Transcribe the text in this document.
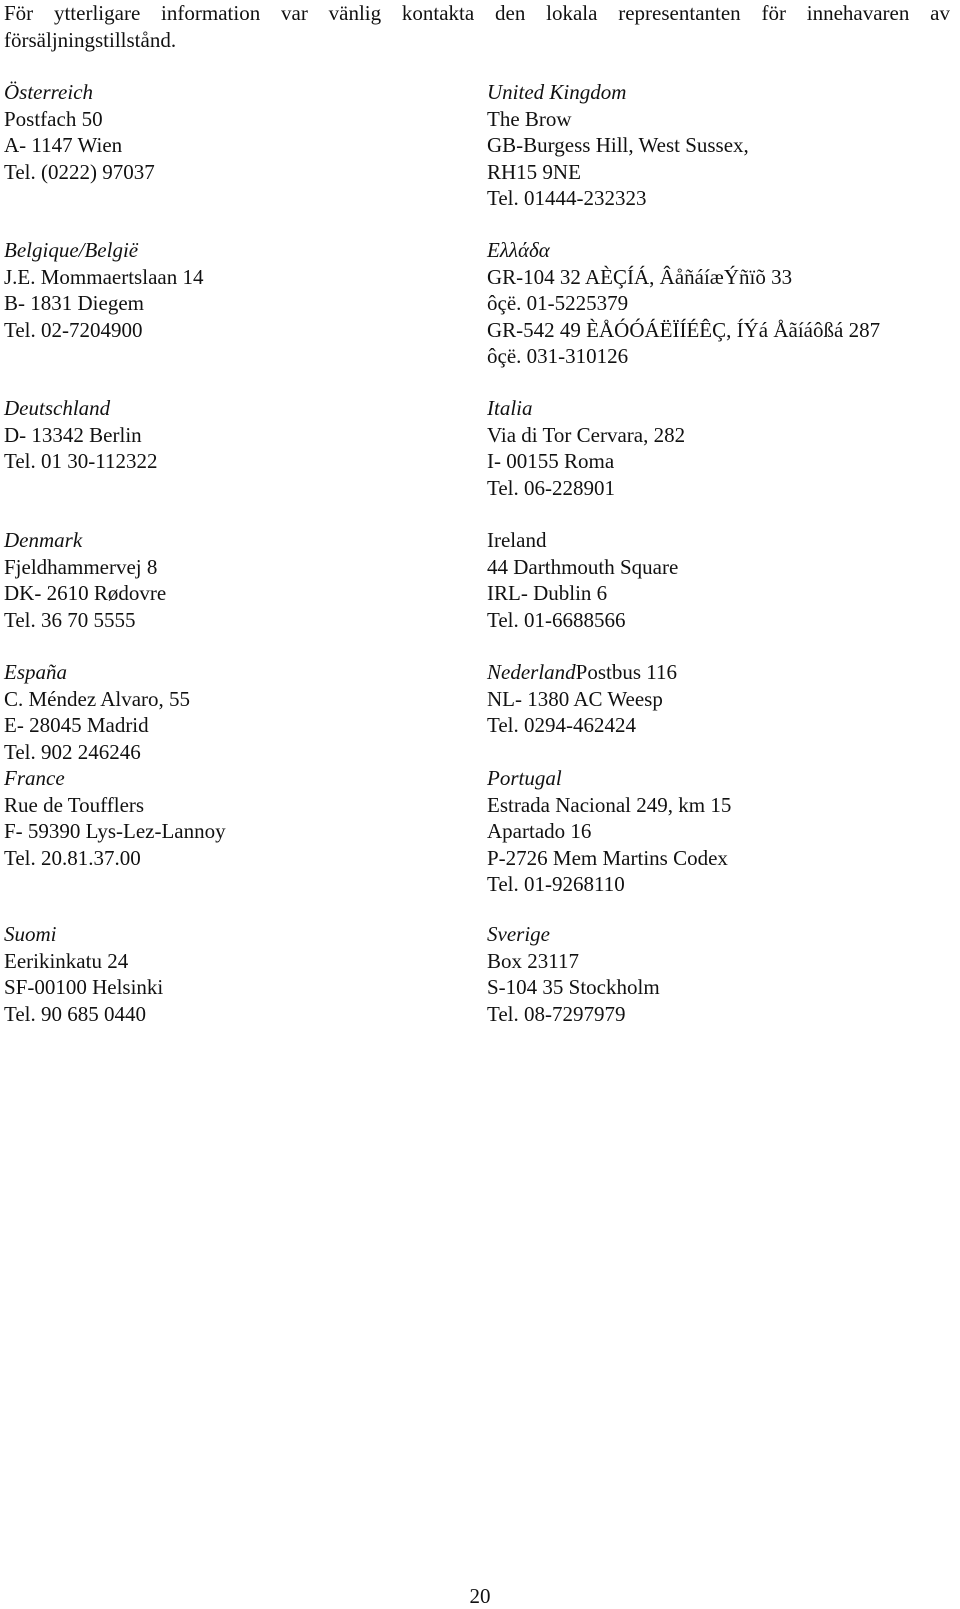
För ytterligare information var vänlig kontakta den lokala representanten för innehavaren av försäljningstillstånd.

Österreich
Postfach 50
A- 1147 Wien
Tel. (0222) 97037
Belgique/België
J.E. Mommaertslaan 14
B- 1831 Diegem
Tel. 02-7204900
Deutschland
D- 13342 Berlin
Tel. 01 30-112322
Denmark
Fjeldhammervej 8
DK- 2610 Rødovre
Tel. 36 70 5555
España
C. Méndez Alvaro, 55
E- 28045 Madrid
Tel. 902 246246
France
Rue de Toufflers
F- 59390 Lys-Lez-Lannoy
Tel. 20.81.37.00
Suomi
Eerikinkatu 24
SF-00100 Helsinki
Tel. 90 685 0440
United Kingdom
The Brow
GB-Burgess Hill, West Sussex,
RH15 9NE
Tel. 01444-232323
Ελλάδα
GR-104 32 AÈÇÍÁ, ÂåñáíæÝñïõ 33
ôçë. 01-5225379
GR-542 49 ÈÅÓÓÁËÏÍÉÊÇ, ÍÝá Åãíáôßá 287
ôçë. 031-310126
Italia
Via di Tor Cervara, 282
I- 00155 Roma
Tel. 06-228901
Ireland
44 Darthmouth Square
IRL- Dublin 6
Tel. 01-6688566
NederlandPostbus 116
NL- 1380 AC Weesp
Tel. 0294-462424
Portugal
Estrada Nacional 249, km 15
Apartado 16
P-2726 Mem Martins Codex
Tel. 01-9268110
Sverige
Box 23117
S-104 35 Stockholm
Tel. 08-7297979
20
